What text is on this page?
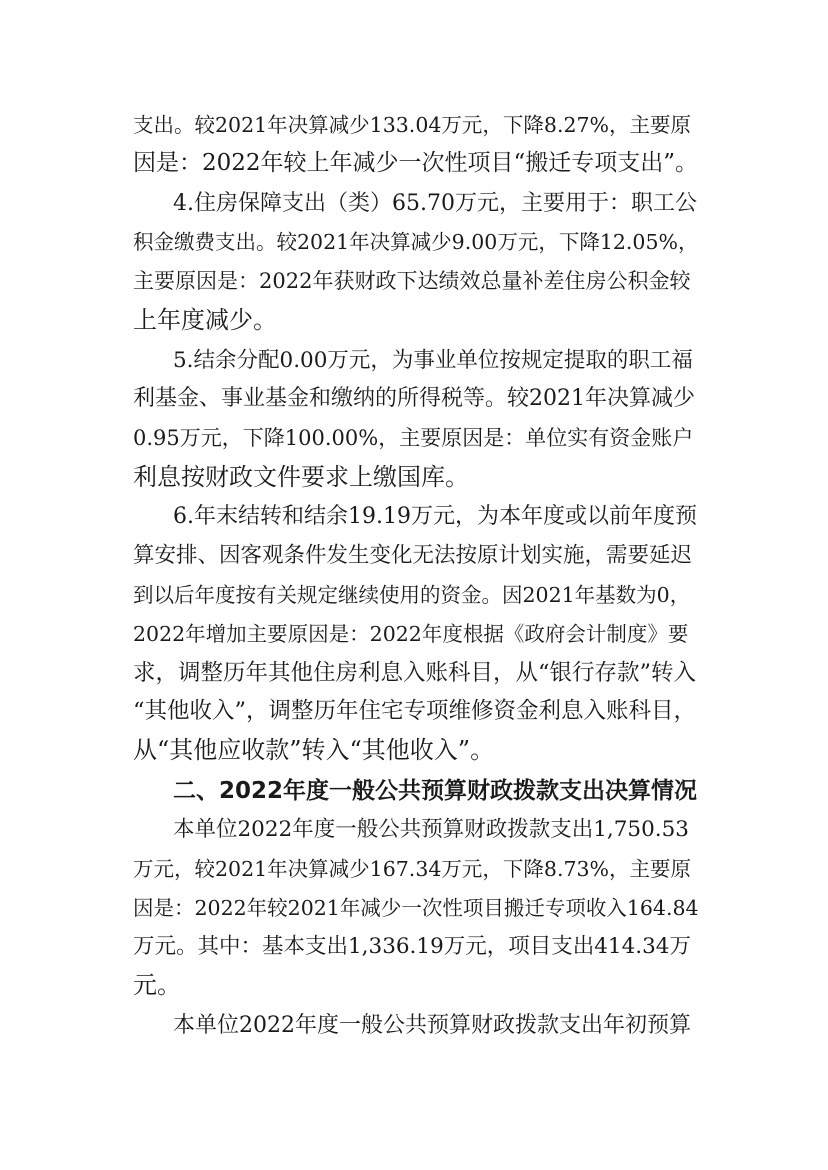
支出。较2021年决算减少133.04万元，下降8.27%，主要原
因是：2022年较上年减少一次性项目“搬迁专项支出”。
4.住房保障支出（类）65.70万元，主要用于：职工公
积金缴费支出。较2021年决算减少9.00万元，下降12.05%，
主要原因是：2022年获财政下达绩效总量补差住房公积金较
上年度减少。
5.结余分配0.00万元，为事业单位按规定提取的职工福
利基金、事业基金和缴纳的所得税等。较2021年决算减少
0.95万元，下降100.00%，主要原因是：单位实有资金账户
利息按财政文件要求上缴国库。
6.年末结转和结余19.19万元，为本年度或以前年度预
算安排、因客观条件发生变化无法按原计划实施，需要延迟
到以后年度按有关规定继续使用的资金。因2021年基数为0，
2022年增加主要原因是：2022年度根据《政府会计制度》要
求，调整历年其他住房利息入账科目，从“银行存款”转入
“其他收入”，调整历年住宅专项维修资金利息入账科目，
从“其他应收款”转入“其他收入”。
二、2022年度一般公共预算财政拨款支出决算情况
本单位2022年度一般公共预算财政拨款支出1,750.53
万元，较2021年决算减少167.34万元，下降8.73%，主要原
因是：2022年较2021年减少一次性项目搬迁专项收入164.84
万元。其中：基本支出1,336.19万元，项目支出414.34万
元。
本单位2022年度一般公共预算财政拨款支出年初预算
